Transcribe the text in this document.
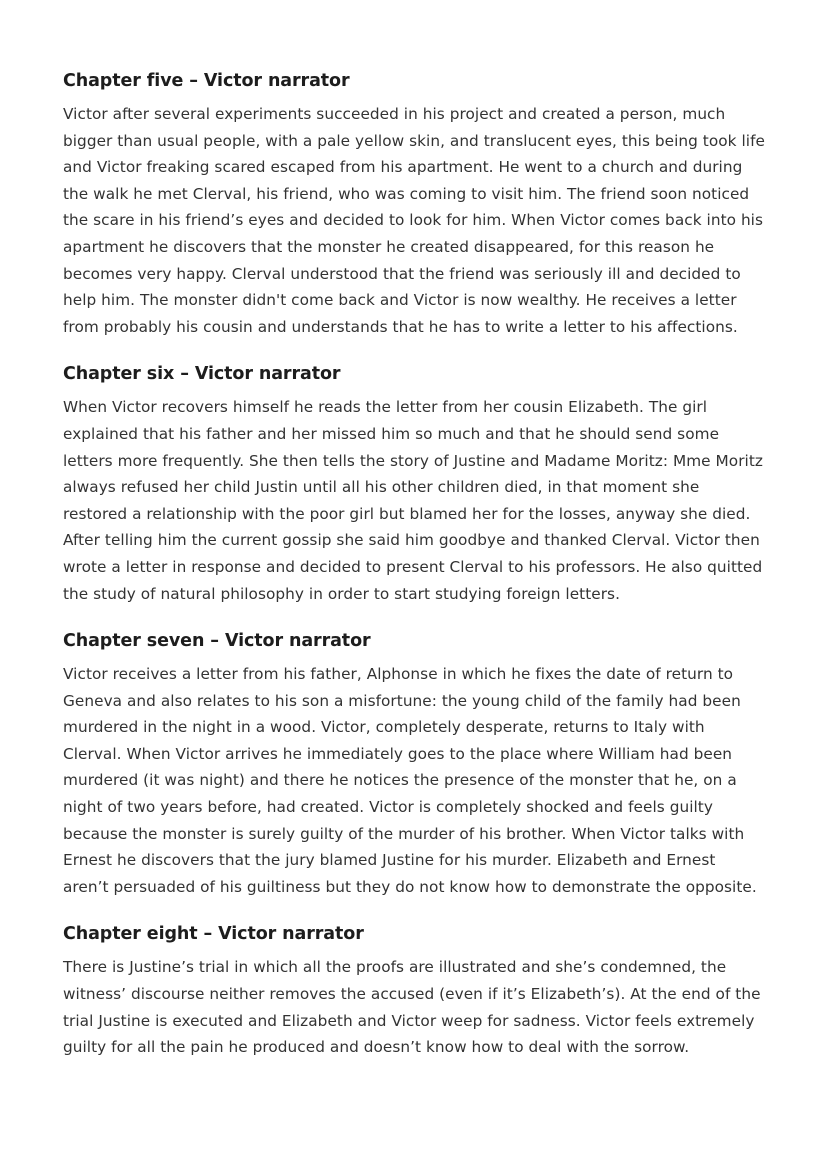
Chapter five – Victor narrator

Victor after several experiments succeeded in his project and created a person, much bigger than usual people, with a pale yellow skin, and translucent eyes, this being took life and Victor freaking scared escaped from his apartment. He went to a church and during the walk he met Clerval, his friend, who was coming to visit him. The friend soon noticed the scare in his friend’s eyes and decided to look for him. When Victor comes back into his apartment he discovers that the monster he created disappeared, for this reason he becomes very happy. Clerval understood that the friend was seriously ill and decided to help him. The monster didn't come back and Victor is now wealthy. He receives a letter from probably his cousin and understands that he has to write a letter to his affections.

Chapter six – Victor narrator

When Victor recovers himself he reads the letter from her cousin Elizabeth. The girl explained that his father and her missed him so much and that he should send some letters more frequently. She then tells the story of Justine and Madame Moritz: Mme Moritz always refused her child Justin until all his other children died, in that moment she restored a relationship with the poor girl but blamed her for the losses, anyway she died. After telling him the current gossip she said him goodbye and thanked Clerval. Victor then wrote a letter in response and decided to present Clerval to his professors. He also quitted the study of natural philosophy in order to start studying foreign letters.

Chapter seven – Victor narrator

Victor receives a letter from his father, Alphonse in which he fixes the date of return to Geneva and also relates to his son a misfortune: the young child of the family had been murdered in the night in a wood. Victor, completely desperate, returns to Italy with Clerval. When Victor arrives he immediately goes to the place where William had been murdered (it was night) and there he notices the presence of the monster that he, on a night of two years before, had created. Victor is completely shocked and feels guilty because the monster is surely guilty of the murder of his brother. When Victor talks with Ernest he discovers that the jury blamed Justine for his murder. Elizabeth and Ernest aren’t persuaded of his guiltiness but they do not know how to demonstrate the opposite.

Chapter eight – Victor narrator

There is Justine’s trial in which all the proofs are illustrated and she’s condemned, the witness’ discourse neither removes the accused (even if it’s Elizabeth’s). At the end of the trial Justine is executed and Elizabeth and Victor weep for sadness. Victor feels extremely guilty for all the pain he produced and doesn’t know how to deal with the sorrow.
